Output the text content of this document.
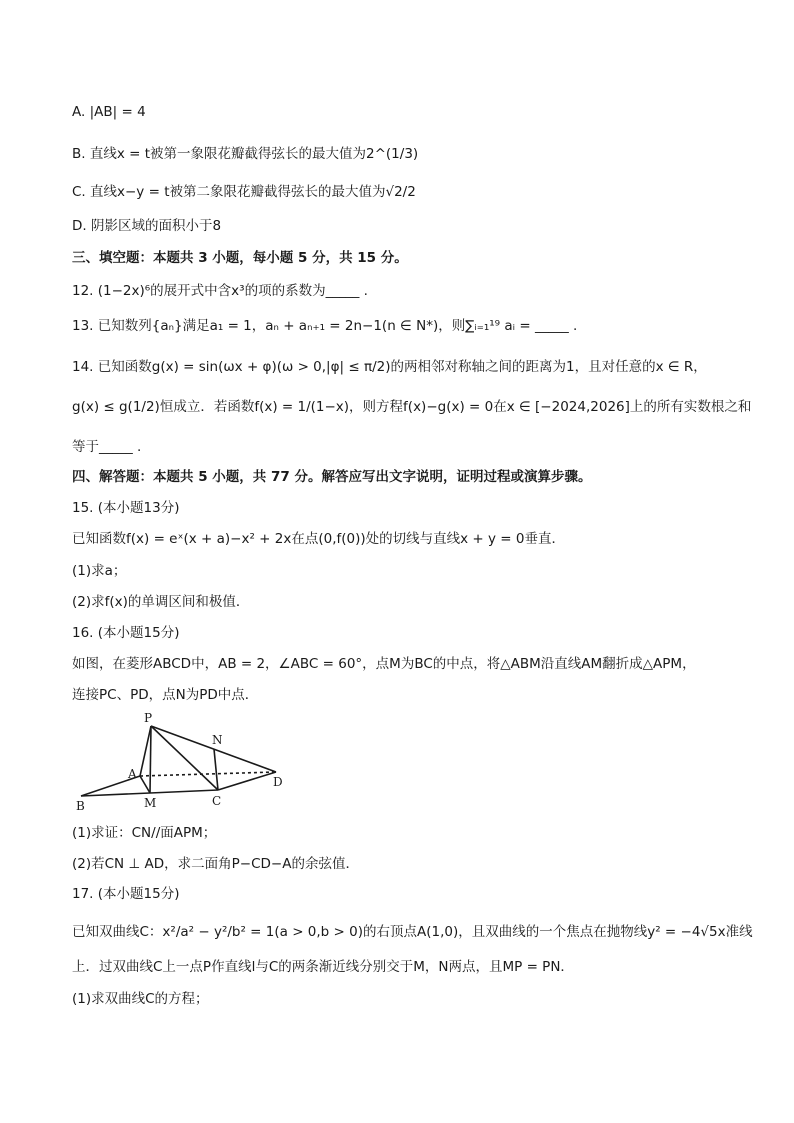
A. |AB| = 4
B. 直线x = t被第一象限花瓣截得弦长的最大值为2^(1/3)
C. 直线x−y = t被第二象限花瓣截得弦长的最大值为√2/2
D. 阴影区域的面积小于8
三、填空题：本题共 3 小题，每小题 5 分，共 15 分。
12. (1−2x)⁶的展开式中含x³的项的系数为_____ .
13. 已知数列{aₙ}满足a₁ = 1，aₙ + aₙ₊₁ = 2n−1(n ∈ N*)，则∑ᵢ₌₁¹⁹ aᵢ = _____ .
14. 已知函数g(x) = sin(ωx + φ)(ω > 0,|φ| ≤ π/2)的两相邻对称轴之间的距离为1，且对任意的x ∈ R，
g(x) ≤ g(1/2)恒成立．若函数f(x) = 1/(1−x)，则方程f(x)−g(x) = 0在x ∈ [−2024,2026]上的所有实数根之和
等于_____ .
四、解答题：本题共 5 小题，共 77 分。解答应写出文字说明，证明过程或演算步骤。
15. (本小题13分)
已知函数f(x) = eˣ(x + a)−x² + 2x在点(0,f(0))处的切线与直线x + y = 0垂直．
(1)求a；
(2)求f(x)的单调区间和极值．
16. (本小题15分)
如图，在菱形ABCD中，AB = 2，∠ABC = 60°，点M为BC的中点，将△ABM沿直线AM翻折成△APM，
连接PC、PD，点N为PD中点．
P
N
A
B	M	C
D
(1)求证：CN//面APM；
(2)若CN ⊥ AD，求二面角P−CD−A的余弦值．
17. (本小题15分)
已知双曲线C：x²/a² − y²/b² = 1(a > 0,b > 0)的右顶点A(1,0)，且双曲线的一个焦点在抛物线y² = −4√5x准线
上．过双曲线C上一点P作直线l与C的两条渐近线分别交于M，N两点，且MP = PN．
(1)求双曲线C的方程；
